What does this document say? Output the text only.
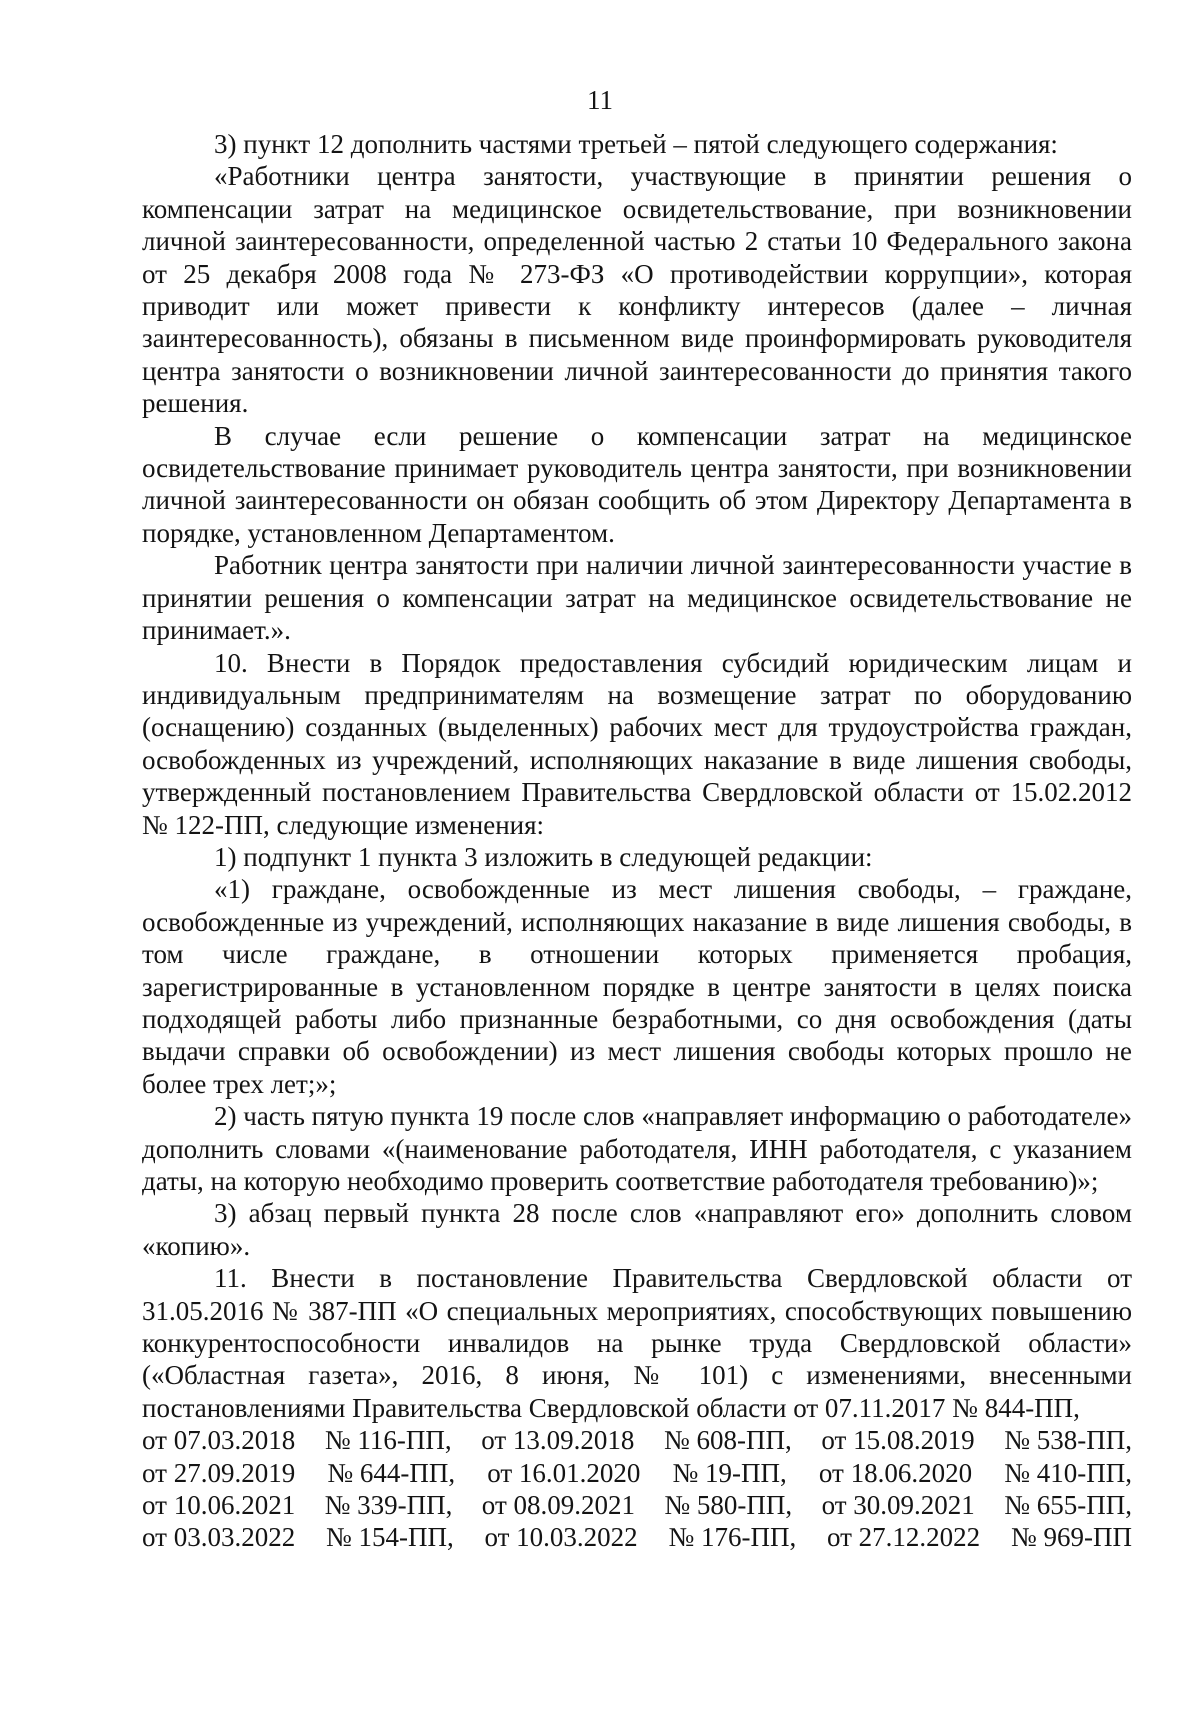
11

3) пункт 12 дополнить частями третьей – пятой следующего содержания:

«Работники центра занятости, участвующие в принятии решения о компенсации затрат на медицинское освидетельствование, при возникновении личной заинтересованности, определенной частью 2 статьи 10 Федерального закона от 25 декабря 2008 года № 273-ФЗ «О противодействии коррупции», которая приводит или может привести к конфликту интересов (далее – личная заинтересованность), обязаны в письменном виде проинформировать руководителя центра занятости о возникновении личной заинтересованности до принятия такого решения.

В случае если решение о компенсации затрат на медицинское освидетельствование принимает руководитель центра занятости, при возникновении личной заинтересованности он обязан сообщить об этом Директору Департамента в порядке, установленном Департаментом.

Работник центра занятости при наличии личной заинтересованности участие в принятии решения о компенсации затрат на медицинское освидетельствование не принимает.».

10. Внести в Порядок предоставления субсидий юридическим лицам и индивидуальным предпринимателям на возмещение затрат по оборудованию (оснащению) созданных (выделенных) рабочих мест для трудоустройства граждан, освобожденных из учреждений, исполняющих наказание в виде лишения свободы, утвержденный постановлением Правительства Свердловской области от 15.02.2012 № 122-ПП, следующие изменения:

1) подпункт 1 пункта 3 изложить в следующей редакции:

«1) граждане, освобожденные из мест лишения свободы, – граждане, освобожденные из учреждений, исполняющих наказание в виде лишения свободы, в том числе граждане, в отношении которых применяется пробация, зарегистрированные в установленном порядке в центре занятости в целях поиска подходящей работы либо признанные безработными, со дня освобождения (даты выдачи справки об освобождении) из мест лишения свободы которых прошло не более трех лет;»;

2) часть пятую пункта 19 после слов «направляет информацию о работодателе» дополнить словами «(наименование работодателя, ИНН работодателя, с указанием даты, на которую необходимо проверить соответствие работодателя требованию)»;

3) абзац первый пункта 28 после слов «направляют его» дополнить словом «копию».

11. Внести в постановление Правительства Свердловской области от 31.05.2016 № 387-ПП «О специальных мероприятиях, способствующих повышению конкурентоспособности инвалидов на рынке труда Свердловской области» («Областная газета», 2016, 8 июня, № 101) с изменениями, внесенными постановлениями Правительства Свердловской области от 07.11.2017 № 844-ПП,

от 07.03.2018 № 116-ПП, от 13.09.2018 № 608-ПП, от 15.08.2019 № 538-ПП,
от 27.09.2019 № 644-ПП, от 16.01.2020 № 19-ПП, от 18.06.2020 № 410-ПП,
от 10.06.2021 № 339-ПП, от 08.09.2021 № 580-ПП, от 30.09.2021 № 655-ПП,
от 03.03.2022 № 154-ПП, от 10.03.2022 № 176-ПП, от 27.12.2022 № 969-ПП
